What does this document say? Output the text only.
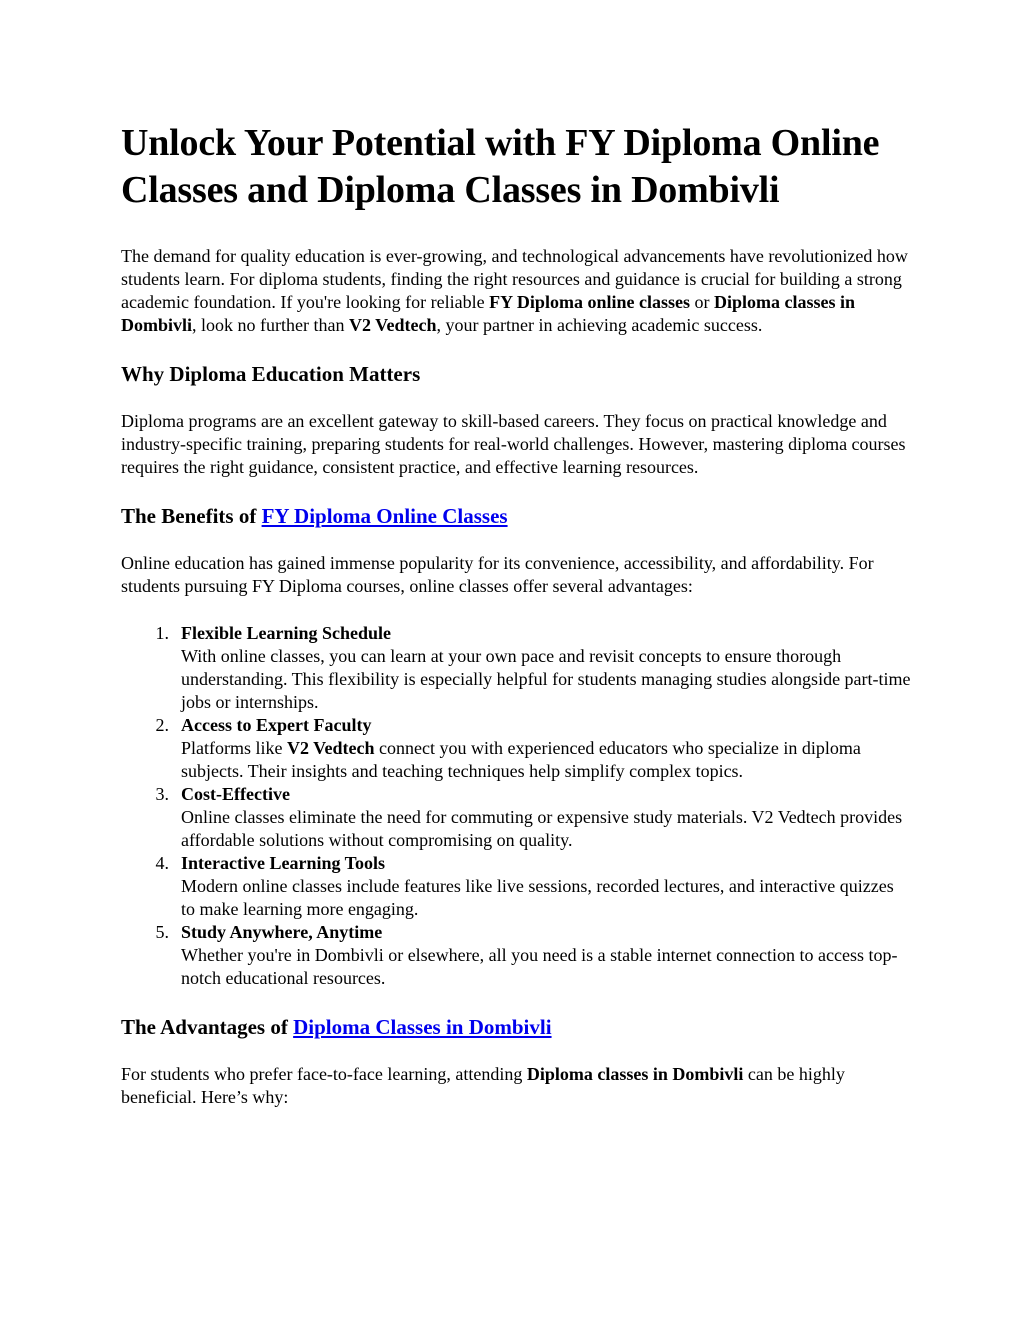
Unlock Your Potential with FY Diploma Online Classes and Diploma Classes in Dombivli

The demand for quality education is ever-growing, and technological advancements have revolutionized how students learn. For diploma students, finding the right resources and guidance is crucial for building a strong academic foundation. If you're looking for reliable FY Diploma online classes or Diploma classes in Dombivli, look no further than V2 Vedtech, your partner in achieving academic success.

Why Diploma Education Matters

Diploma programs are an excellent gateway to skill-based careers. They focus on practical knowledge and industry-specific training, preparing students for real-world challenges. However, mastering diploma courses requires the right guidance, consistent practice, and effective learning resources.

The Benefits of FY Diploma Online Classes

Online education has gained immense popularity for its convenience, accessibility, and affordability. For students pursuing FY Diploma courses, online classes offer several advantages:

1. Flexible Learning Schedule
With online classes, you can learn at your own pace and revisit concepts to ensure thorough understanding. This flexibility is especially helpful for students managing studies alongside part-time jobs or internships.
2. Access to Expert Faculty
Platforms like V2 Vedtech connect you with experienced educators who specialize in diploma subjects. Their insights and teaching techniques help simplify complex topics.
3. Cost-Effective
Online classes eliminate the need for commuting or expensive study materials. V2 Vedtech provides affordable solutions without compromising on quality.
4. Interactive Learning Tools
Modern online classes include features like live sessions, recorded lectures, and interactive quizzes to make learning more engaging.
5. Study Anywhere, Anytime
Whether you're in Dombivli or elsewhere, all you need is a stable internet connection to access top-notch educational resources.
The Advantages of Diploma Classes in Dombivli

For students who prefer face-to-face learning, attending Diploma classes in Dombivli can be highly beneficial. Here’s why:
